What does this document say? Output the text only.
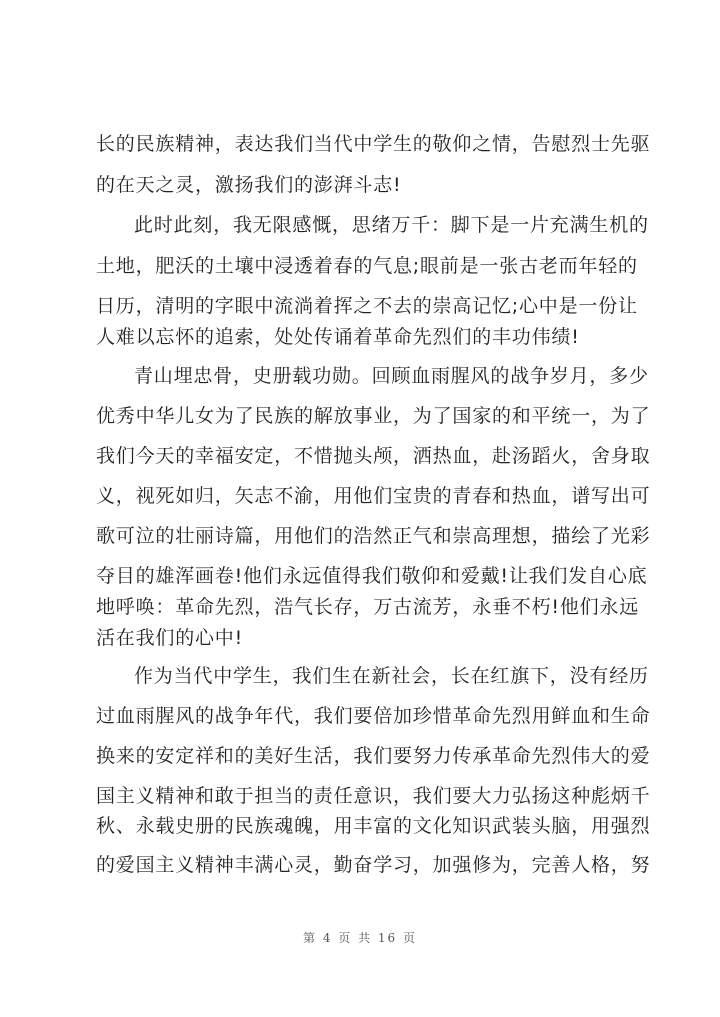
长的民族精神，表达我们当代中学生的敬仰之情，告慰烈士先驱
的在天之灵，激扬我们的澎湃斗志!
此时此刻，我无限感慨，思绪万千：脚下是一片充满生机的
土地，肥沃的土壤中浸透着春的气息;眼前是一张古老而年轻的
日历，清明的字眼中流淌着挥之不去的崇高记忆;心中是一份让
人难以忘怀的追索，处处传诵着革命先烈们的丰功伟绩!
青山埋忠骨，史册载功勋。回顾血雨腥风的战争岁月，多少
优秀中华儿女为了民族的解放事业，为了国家的和平统一，为了
我们今天的幸福安定，不惜抛头颅，洒热血，赴汤蹈火，舍身取
义，视死如归，矢志不渝，用他们宝贵的青春和热血，谱写出可
歌可泣的壮丽诗篇，用他们的浩然正气和崇高理想，描绘了光彩
夺目的雄浑画卷!他们永远值得我们敬仰和爱戴!让我们发自心底
地呼唤：革命先烈，浩气长存，万古流芳，永垂不朽!他们永远
活在我们的心中!
作为当代中学生，我们生在新社会，长在红旗下，没有经历
过血雨腥风的战争年代，我们要倍加珍惜革命先烈用鲜血和生命
换来的安定祥和的美好生活，我们要努力传承革命先烈伟大的爱
国主义精神和敢于担当的责任意识，我们要大力弘扬这种彪炳千
秋、永载史册的民族魂魄，用丰富的文化知识武装头脑，用强烈
的爱国主义精神丰满心灵，勤奋学习，加强修为，完善人格，努
第 4 页 共 16 页
